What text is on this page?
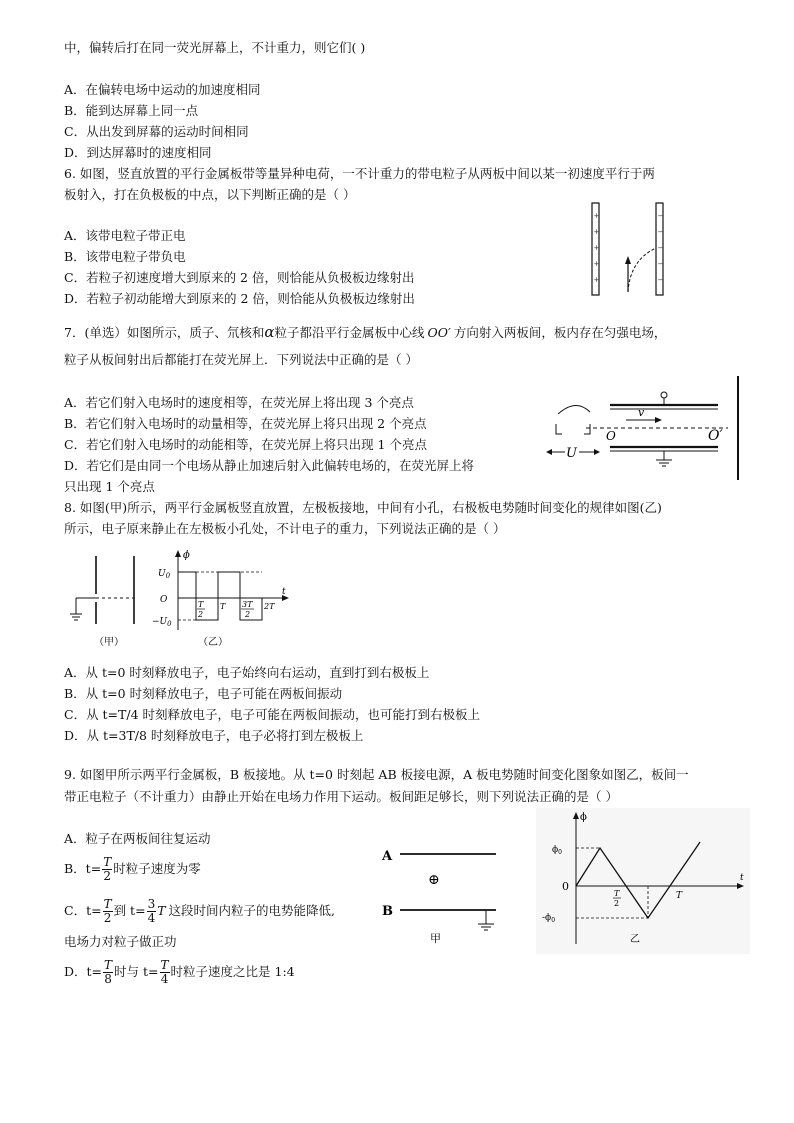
中，偏转后打在同一荧光屏幕上，不计重力，则它们( )
A．在偏转电场中运动的加速度相同
B．能到达屏幕上同一点
C．从出发到屏幕的运动时间相同
D．到达屏幕时的速度相同
6. 如图，竖直放置的平行金属板带等量异种电荷，一不计重力的带电粒子从两板中间以某一初速度平行于两
板射入，打在负极板的中点，以下判断正确的是（ ）
A．该带电粒子带正电
B．该带电粒子带负电
C．若粒子初速度增大到原来的 2 倍，则恰能从负极板边缘射出
D．若粒子初动能增大到原来的 2 倍，则恰能从负极板边缘射出
+
+
+
+
+
−
−
−
−
−
7．(单选）如图所示，质子、氘核和α粒子都沿平行金属板中心线 OO′ 方向射入两板间，板内存在匀强电场，
粒子从板间射出后都能打在荧光屏上．下列说法中正确的是（ ）
A．若它们射入电场时的速度相等，在荧光屏上将出现 3 个亮点
B．若它们射入电场时的动量相等，在荧光屏上将只出现 2 个亮点
C．若它们射入电场时的动能相等，在荧光屏上将只出现 1 个亮点
D．若它们是由同一个电场从静止加速后射入此偏转电场的，在荧光屏上将
只出现 1 个亮点
v
O	O′
U
8. 如图(甲)所示，两平行金属板竖直放置，左极板接地，中间有小孔，右极板电势随时间变化的规律如图(乙)
所示，电子原来静止在左极板小孔处，不计电子的重力，下列说法正确的是（ ）
（甲）
ϕ
t
$U_0$
O
$-U_0$
T
2
T 3T
2
2T
（乙）
A．从 t=0 时刻释放电子，电子始终向右运动，直到打到右极板上
B．从 t=0 时刻释放电子，电子可能在两板间振动
C．从 t=T/4 时刻释放电子，电子可能在两板间振动，也可能打到右极板上
D．从 t=3T/8 时刻释放电子，电子必将打到左极板上
9. 如图甲所示两平行金属板，B 板接地。从 t=0 时刻起 AB 板接电源，A 板电势随时间变化图象如图乙，板间一
带正电粒子（不计重力）由静止开始在电场力作用下运动。板间距足够长，则下列说法正确的是（ ）
A．粒子在两板间往复运动
B．$t= \frac{T}{2}$ 时粒子速度为零
C．$t= \frac{T}{2}$ 到 $t= \frac{3}{4}$ T 这段时间内粒子的电势能降低,
电场力对粒子做正功
D．$t= \frac{T}{8}$ 时与 $t= \frac{T}{4}$ 时粒子速度之比是 1:4
A
⊕
B
甲
ϕ
t
0
$\phi_0$
$-\phi_0$
T
2
T
乙
